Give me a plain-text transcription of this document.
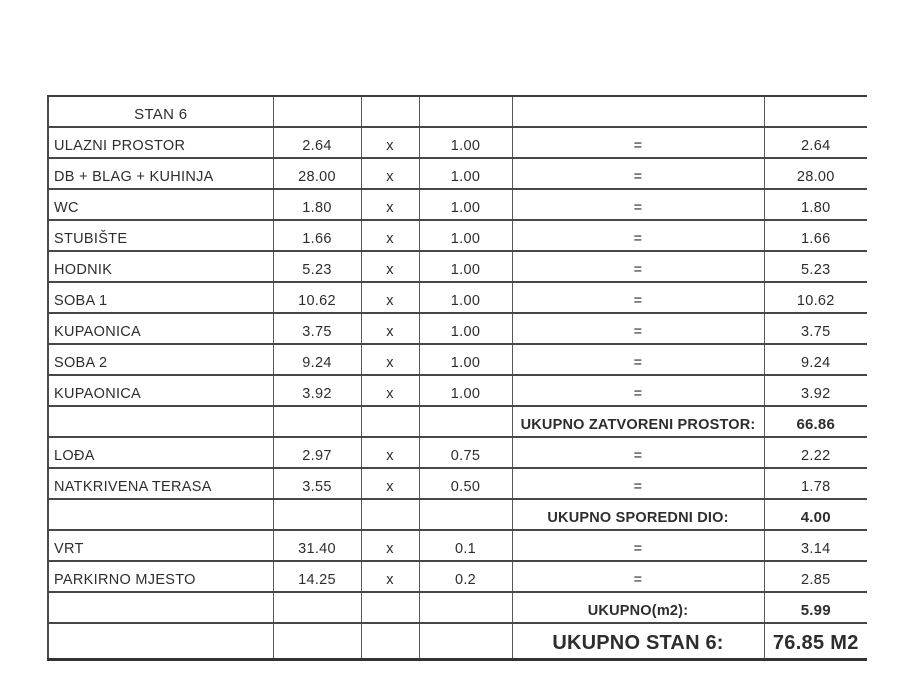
STAN 6					
ULAZNI PROSTOR	2.64	x	1.00	=	2.64
DB + BLAG + KUHINJA	28.00	x	1.00	=	28.00
WC	1.80	x	1.00	=	1.80
STUBIŠTE	1.66	x	1.00	=	1.66
HODNIK	5.23	x	1.00	=	5.23
SOBA 1	10.62	x	1.00	=	10.62
KUPAONICA	3.75	x	1.00	=	3.75
SOBA 2	9.24	x	1.00	=	9.24
KUPAONICA	3.92	x	1.00	=	3.92
				UKUPNO ZATVORENI PROSTOR:	66.86
LOĐA	2.97	x	0.75	=	2.22
NATKRIVENA TERASA	3.55	x	0.50	=	1.78
				UKUPNO SPOREDNI DIO:	4.00
VRT	31.40	x	0.1	=	3.14
PARKIRNO MJESTO	14.25	x	0.2	=	2.85
				UKUPNO(m2):	5.99
				UKUPNO STAN 6:	76.85 M2
